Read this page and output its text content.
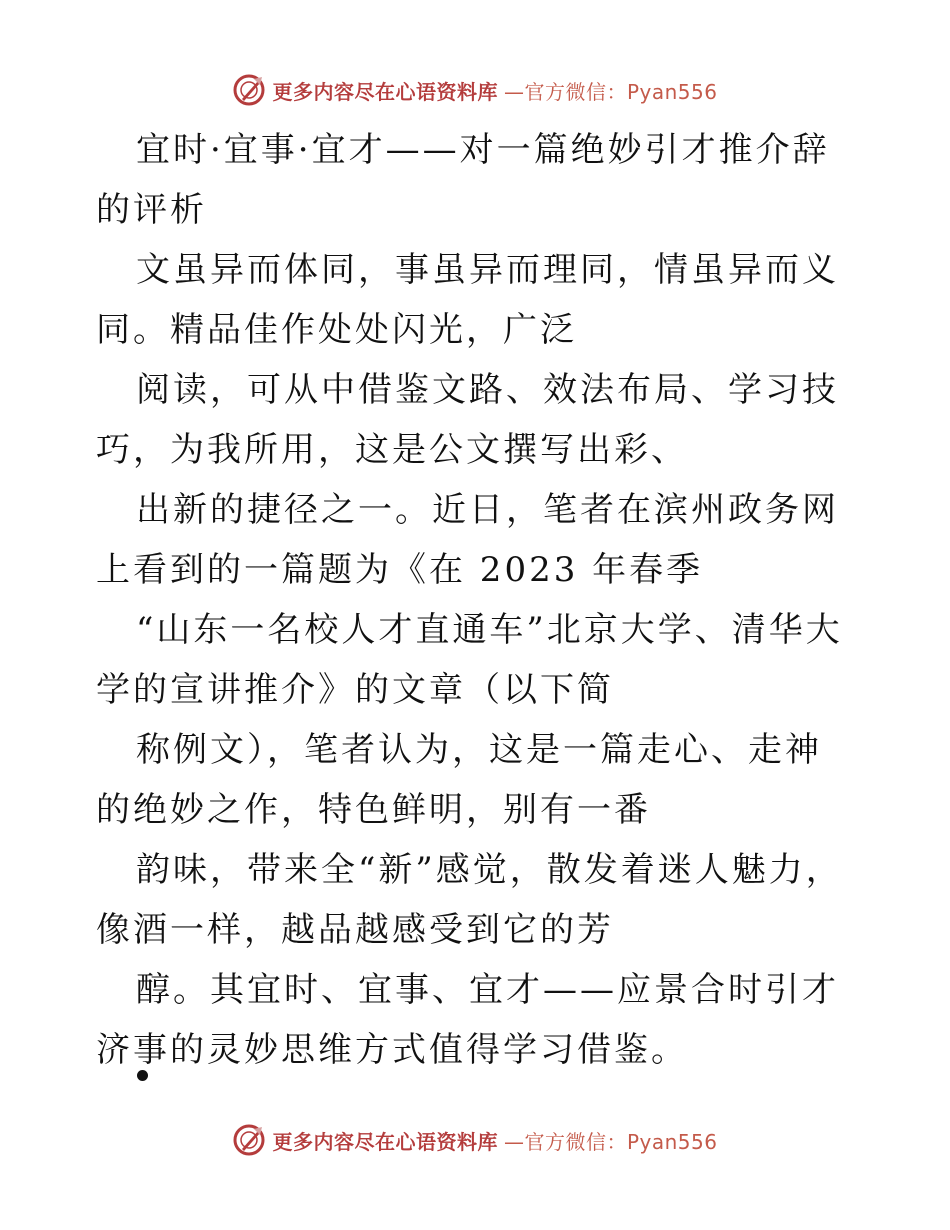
更多内容尽在心语资料库 —官方微信：Pyan556

宜时·宜事·宜才——对一篇绝妙引才推介辞的评析

文虽异而体同，事虽异而理同，情虽异而义同。精品佳作处处闪光，广泛

阅读，可从中借鉴文路、效法布局、学习技巧，为我所用，这是公文撰写出彩、

出新的捷径之一。近日，笔者在滨州政务网上看到的一篇题为《在 2023 年春季

“山东一名校人才直通车”北京大学、清华大学的宣讲推介》的文章（以下简

称例文），笔者认为，这是一篇走心、走神的绝妙之作，特色鲜明，别有一番

韵味，带来全“新”感觉，散发着迷人魅力，像酒一样，越品越感受到它的芳

醇。其宜时、宜事、宜才——应景合时引才济事的灵妙思维方式值得学习借鉴。

更多内容尽在心语资料库 —官方微信：Pyan556
